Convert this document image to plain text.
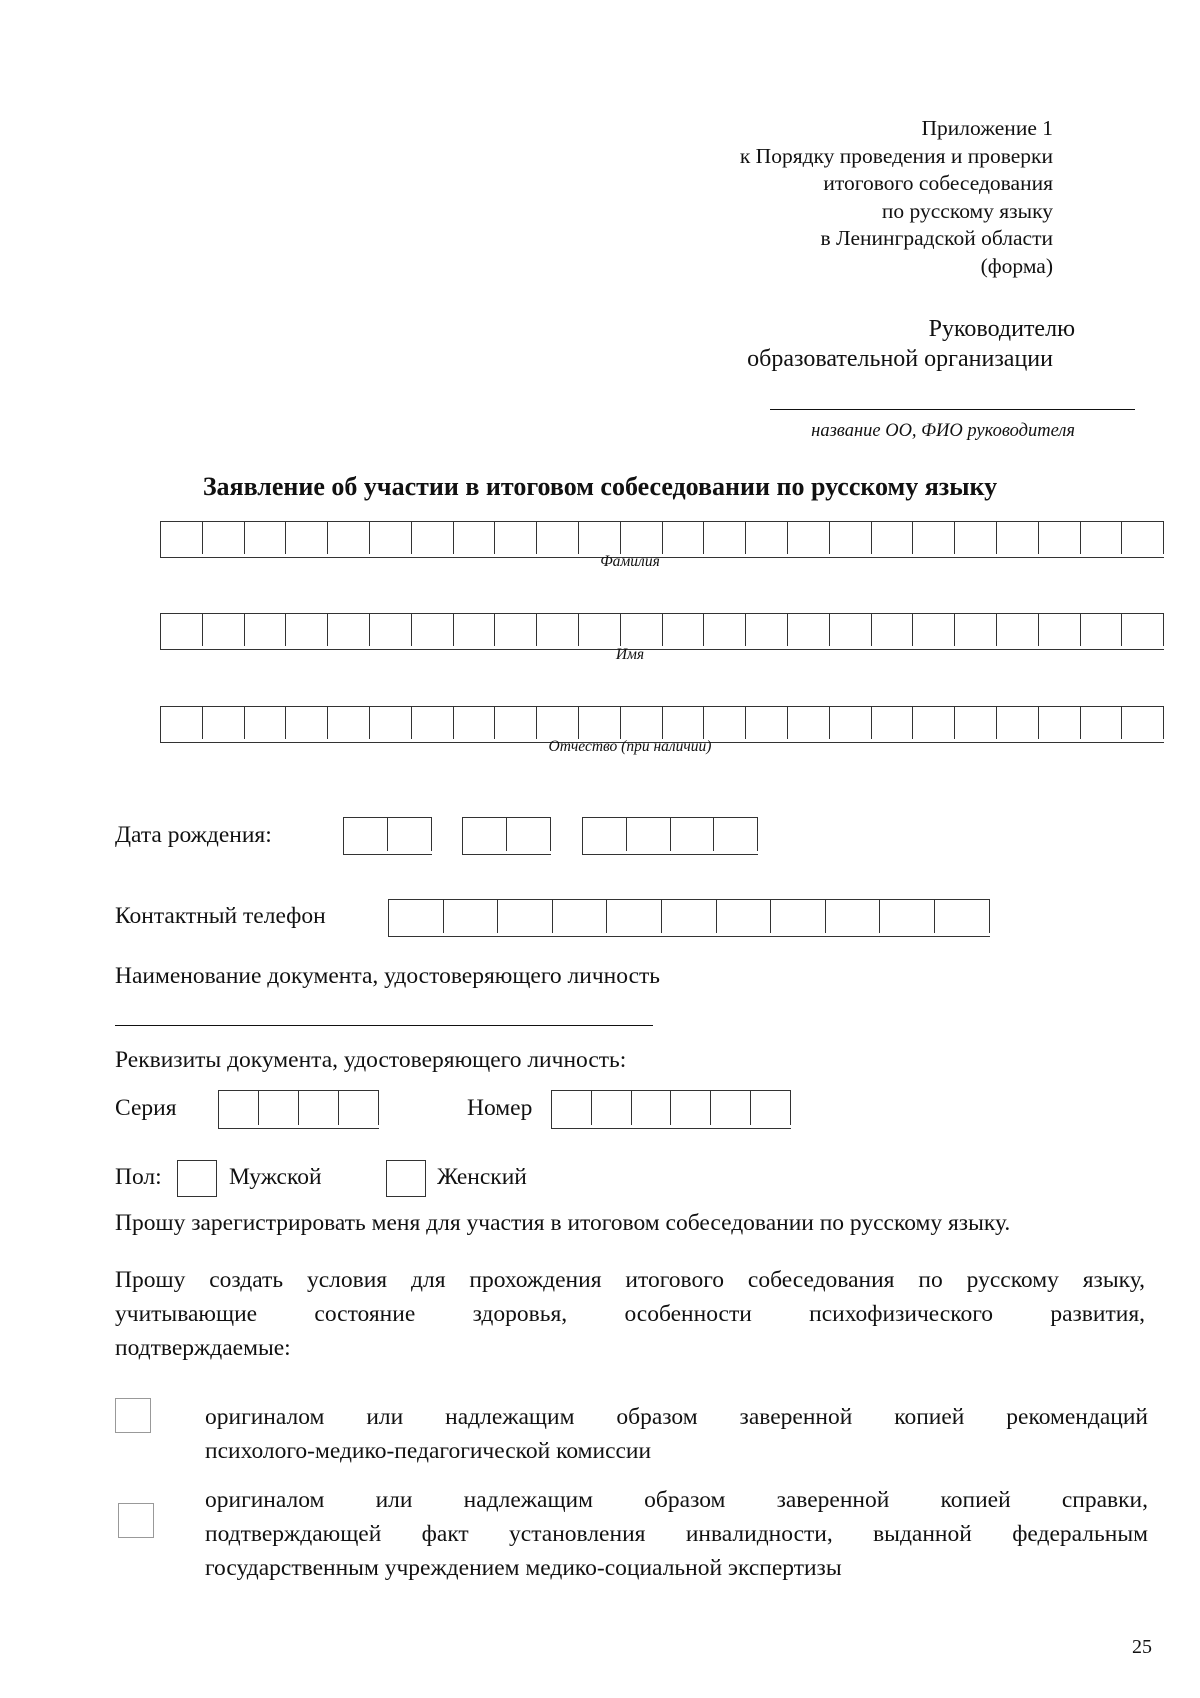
Приложение 1
к Порядку проведения и проверки
итогового собеседования
по русскому языку
в Ленинградской области
(форма)
Руководителю
образовательной организации
название ОО, ФИО руководителя
Заявление об участии в итоговом собеседовании по русскому языку
Фамилия
Имя
Отчество (при наличии)
Дата рождения:
Контактный телефон
Наименование документа, удостоверяющего личность
Реквизиты документа, удостоверяющего личность:
Серия	Номер
Пол:	Мужской	Женский
Прошу зарегистрировать меня для участия в итоговом собеседовании по русскому языку.
Прошу создать условия для прохождения итогового собеседования по русскому языку,
учитывающие состояние здоровья, особенности психофизического развития,
подтверждаемые:
оригиналом или надлежащим образом заверенной копией рекомендаций
психолого-медико-педагогической комиссии
оригиналом или надлежащим образом заверенной копией справки,
подтверждающей факт установления инвалидности, выданной федеральным
государственным учреждением медико-социальной экспертизы
25
